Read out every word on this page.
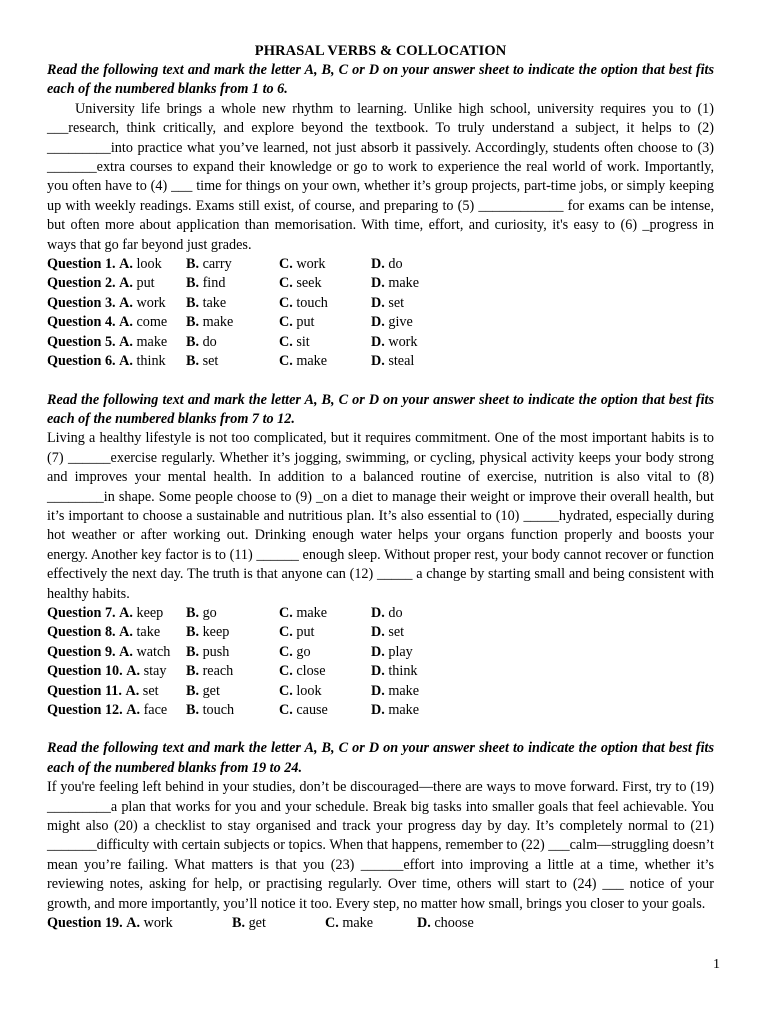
PHRASAL VERBS & COLLOCATION
Read the following text and mark the letter A, B, C or D on your answer sheet to indicate the option that best fits each of the numbered blanks from 1 to 6.
University life brings a whole new rhythm to learning. Unlike high school, university requires you to (1) ___research, think critically, and explore beyond the textbook. To truly understand a subject, it helps to (2) _________into practice what you’ve learned, not just absorb it passively. Accordingly, students often choose to (3) _______extra courses to expand their knowledge or go to work to experience the real world of work. Importantly, you often have to (4) ___ time for things on your own, whether it’s group projects, part-time jobs, or simply keeping up with weekly readings. Exams still exist, of course, and preparing to (5) ____________ for exams can be intense, but often more about application than memorisation. With time, effort, and curiosity, it's easy to (6) _progress in ways that go far beyond just grades.
Question 1. A. look	B. carry	C. work	D. do
Question 2. A. put	B. find	C. seek	D. make
Question 3. A. work	B. take	C. touch	D. set
Question 4. A. come	B. make	C. put	D. give
Question 5. A. make	B. do	C. sit	D. work
Question 6. A. think	B. set	C. make	D. steal
Read the following text and mark the letter A, B, C or D on your answer sheet to indicate the option that best fits each of the numbered blanks from 7 to 12.
Living a healthy lifestyle is not too complicated, but it requires commitment. One of the most important habits is to (7) ______exercise regularly. Whether it’s jogging, swimming, or cycling, physical activity keeps your body strong and improves your mental health. In addition to a balanced routine of exercise, nutrition is also vital to (8) ________in shape. Some people choose to (9) _on a diet to manage their weight or improve their overall health, but it’s important to choose a sustainable and nutritious plan. It’s also essential to (10) _____hydrated, especially during hot weather or after working out. Drinking enough water helps your organs function properly and boosts your energy. Another key factor is to (11) ______ enough sleep. Without proper rest, your body cannot recover or function effectively the next day. The truth is that anyone can (12) _____ a change by starting small and being consistent with healthy habits.
Question 7. A. keep	B. go	C. make	D. do
Question 8. A. take	B. keep	C. put	D. set
Question 9. A. watch	B. push	C. go	D. play
Question 10. A. stay	B. reach	C. close	D. think
Question 11. A. set	B. get	C. look	D. make
Question 12. A. face	B. touch	C. cause	D. make
Read the following text and mark the letter A, B, C or D on your answer sheet to indicate the option that best fits each of the numbered blanks from 19 to 24.
If you're feeling left behind in your studies, don’t be discouraged—there are ways to move forward. First, try to (19) _________a plan that works for you and your schedule. Break big tasks into smaller goals that feel achievable. You might also (20) a checklist to stay organised and track your progress day by day. It’s completely normal to (21) _______difficulty with certain subjects or topics. When that happens, remember to (22) ___calm—struggling doesn’t mean you’re failing. What matters is that you (23) ______effort into improving a little at a time, whether it’s reviewing notes, asking for help, or practising regularly. Over time, others will start to (24) ___ notice of your growth, and more importantly, you’ll notice it too. Every step, no matter how small, brings you closer to your goals.
Question 19. A. work	B. get	C. make	D. choose
1
